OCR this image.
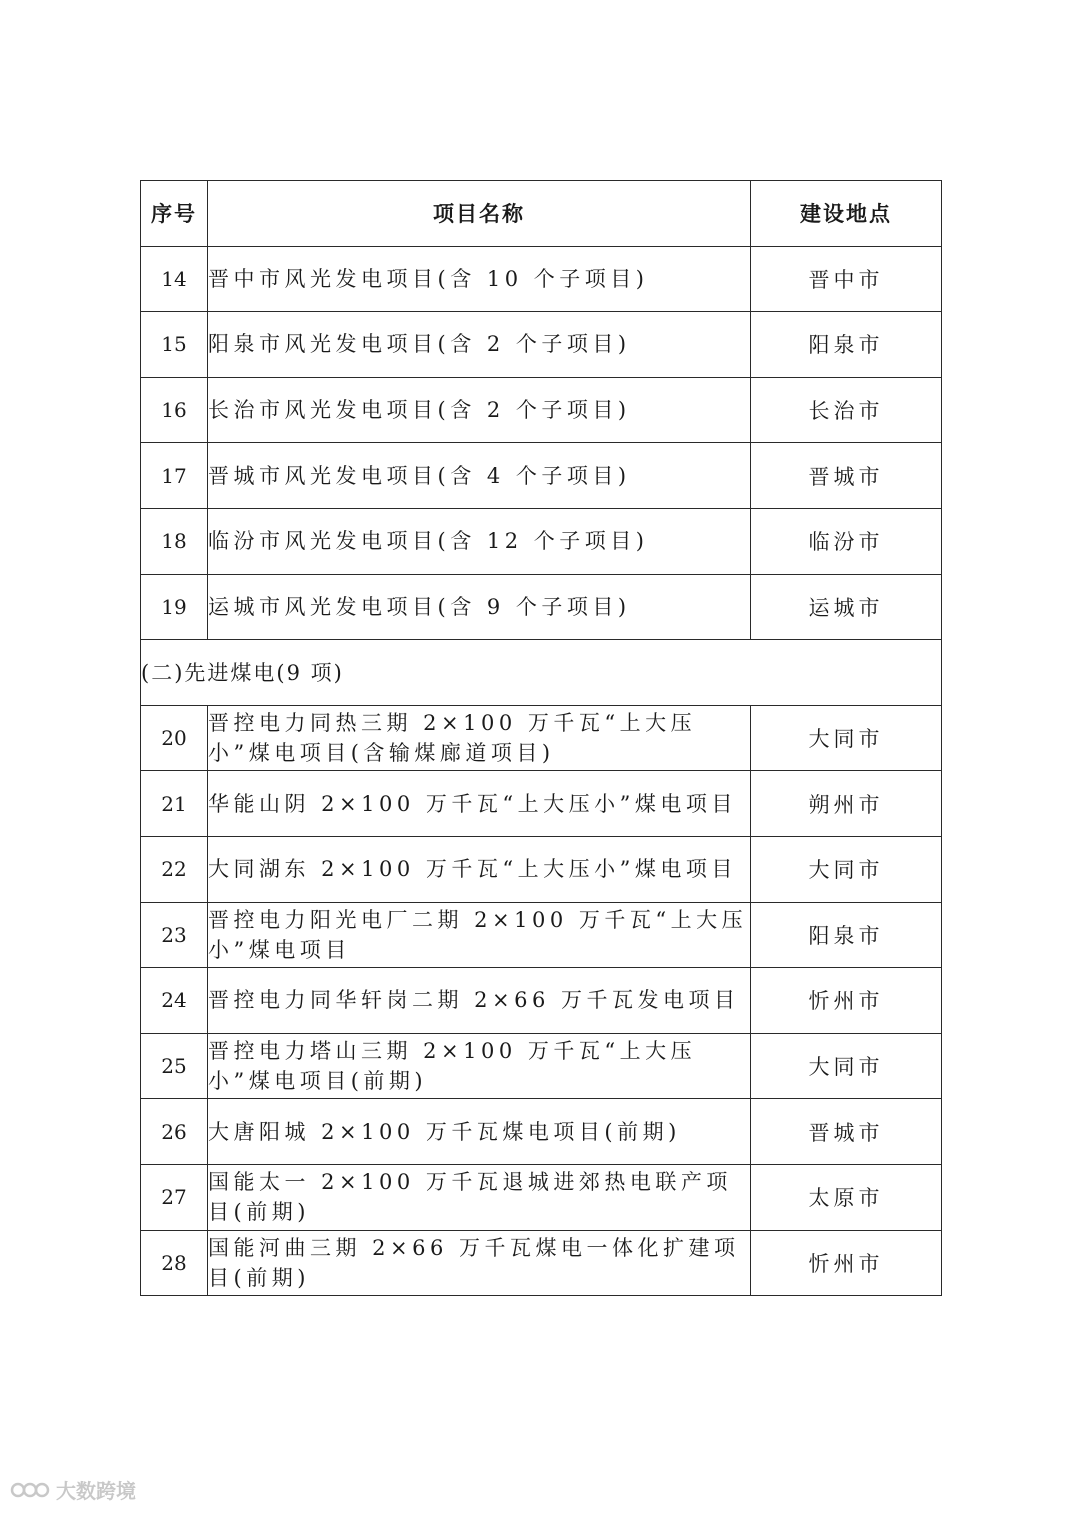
序号	项目名称	建设地点
14	晋中市风光发电项目(含 10 个子项目)	晋中市
15	阳泉市风光发电项目(含 2 个子项目)	阳泉市
16	长治市风光发电项目(含 2 个子项目)	长治市
17	晋城市风光发电项目(含 4 个子项目)	晋城市
18	临汾市风光发电项目(含 12 个子项目)	临汾市
19	运城市风光发电项目(含 9 个子项目)	运城市
(二)先进煤电(9 项)		
20	晋控电力同热三期 2×100 万千瓦“上大压小”煤电项目(含输煤廊道项目)	大同市
21	华能山阴 2×100 万千瓦“上大压小”煤电项目	朔州市
22	大同湖东 2×100 万千瓦“上大压小”煤电项目	大同市
23	晋控电力阳光电厂二期 2×100 万千瓦“上大压小”煤电项目	阳泉市
24	晋控电力同华轩岗二期 2×66 万千瓦发电项目	忻州市
25	晋控电力塔山三期 2×100 万千瓦“上大压小”煤电项目(前期)	大同市
26	大唐阳城 2×100 万千瓦煤电项目(前期)	晋城市
27	国能太一 2×100 万千瓦退城进郊热电联产项目(前期)	太原市
28	国能河曲三期 2×66 万千瓦煤电一体化扩建项目(前期)	忻州市
大数跨境
